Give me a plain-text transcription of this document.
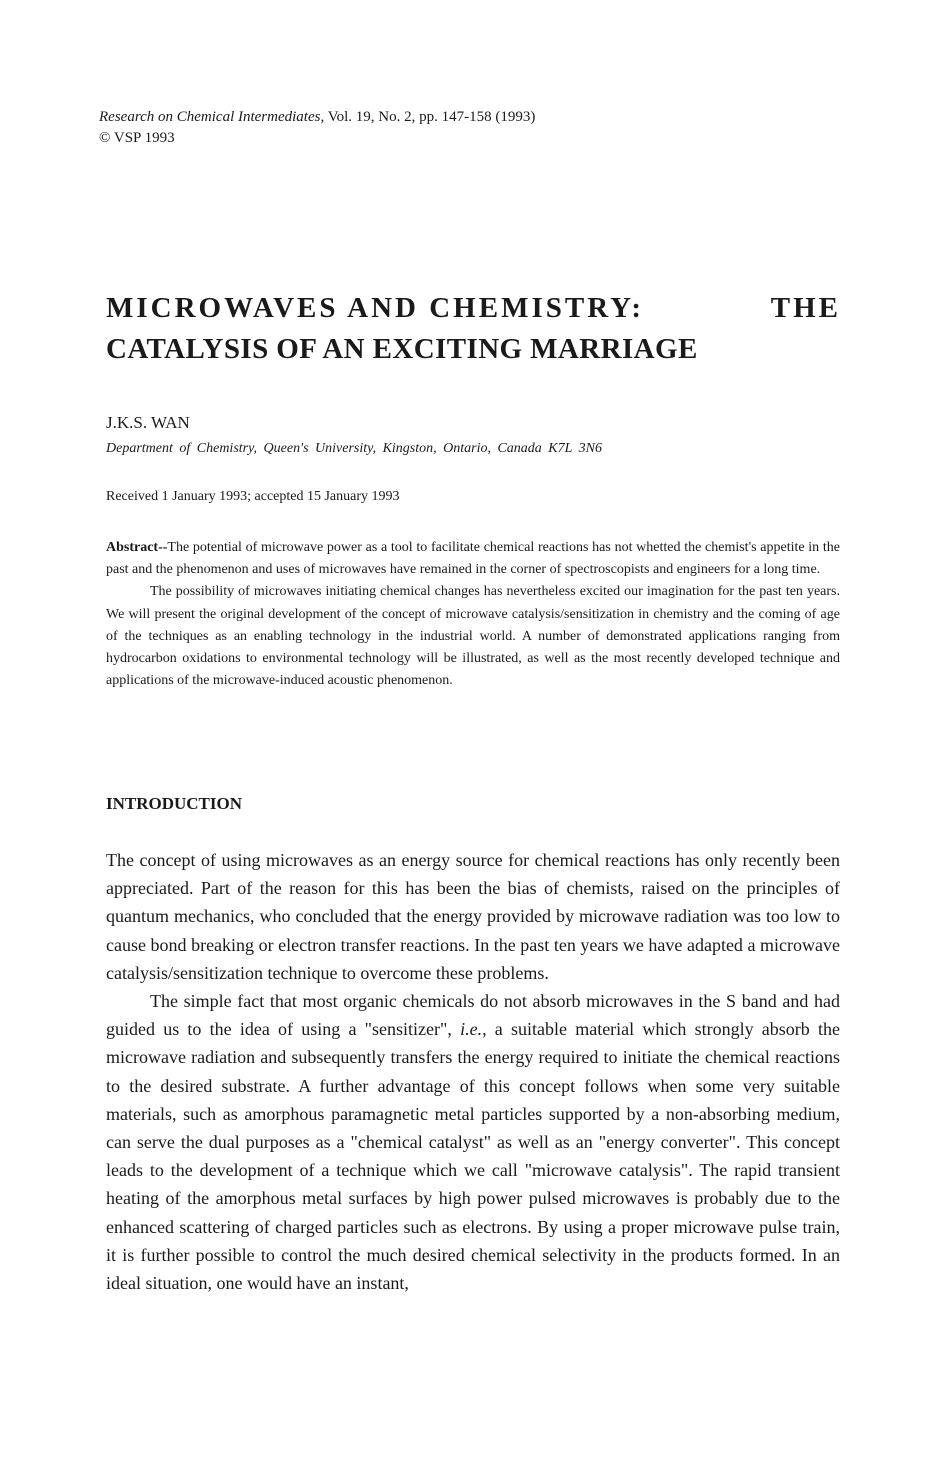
Research on Chemical Intermediates, Vol. 19, No. 2, pp. 147-158 (1993)
© VSP 1993
MICROWAVES AND CHEMISTRY:	THE
CATALYSIS OF AN EXCITING MARRIAGE
J.K.S. WAN
Department of Chemistry, Queen's University, Kingston, Ontario, Canada K7L 3N6
Received 1 January 1993; accepted 15 January 1993

Abstract--The potential of microwave power as a tool to facilitate chemical reactions has not whetted the chemist's appetite in the past and the phenomenon and uses of microwaves have remained in the corner of spectroscopists and engineers for a long time.

The possibility of microwaves initiating chemical changes has nevertheless excited our imagination for the past ten years. We will present the original development of the concept of microwave catalysis/sensitization in chemistry and the coming of age of the techniques as an enabling technology in the industrial world. A number of demonstrated applications ranging from hydrocarbon oxidations to environmental technology will be illustrated, as well as the most recently developed technique and applications of the microwave-induced acoustic phenomenon.

INTRODUCTION

The concept of using microwaves as an energy source for chemical reactions has only recently been appreciated. Part of the reason for this has been the bias of chemists, raised on the principles of quantum mechanics, who concluded that the energy provided by microwave radiation was too low to cause bond breaking or electron transfer reactions. In the past ten years we have adapted a microwave catalysis/sensitization technique to overcome these problems.

The simple fact that most organic chemicals do not absorb microwaves in the S band and had guided us to the idea of using a "sensitizer", i.e., a suitable material which strongly absorb the microwave radiation and subsequently transfers the energy required to initiate the chemical reactions to the desired substrate. A further advantage of this concept follows when some very suitable materials, such as amorphous paramagnetic metal particles supported by a non-absorbing medium, can serve the dual purposes as a "chemical catalyst" as well as an "energy converter". This concept leads to the development of a technique which we call "microwave catalysis". The rapid transient heating of the amorphous metal surfaces by high power pulsed microwaves is probably due to the enhanced scattering of charged particles such as electrons. By using a proper microwave pulse train, it is further possible to control the much desired chemical selectivity in the products formed. In an ideal situation, one would have an instant,
